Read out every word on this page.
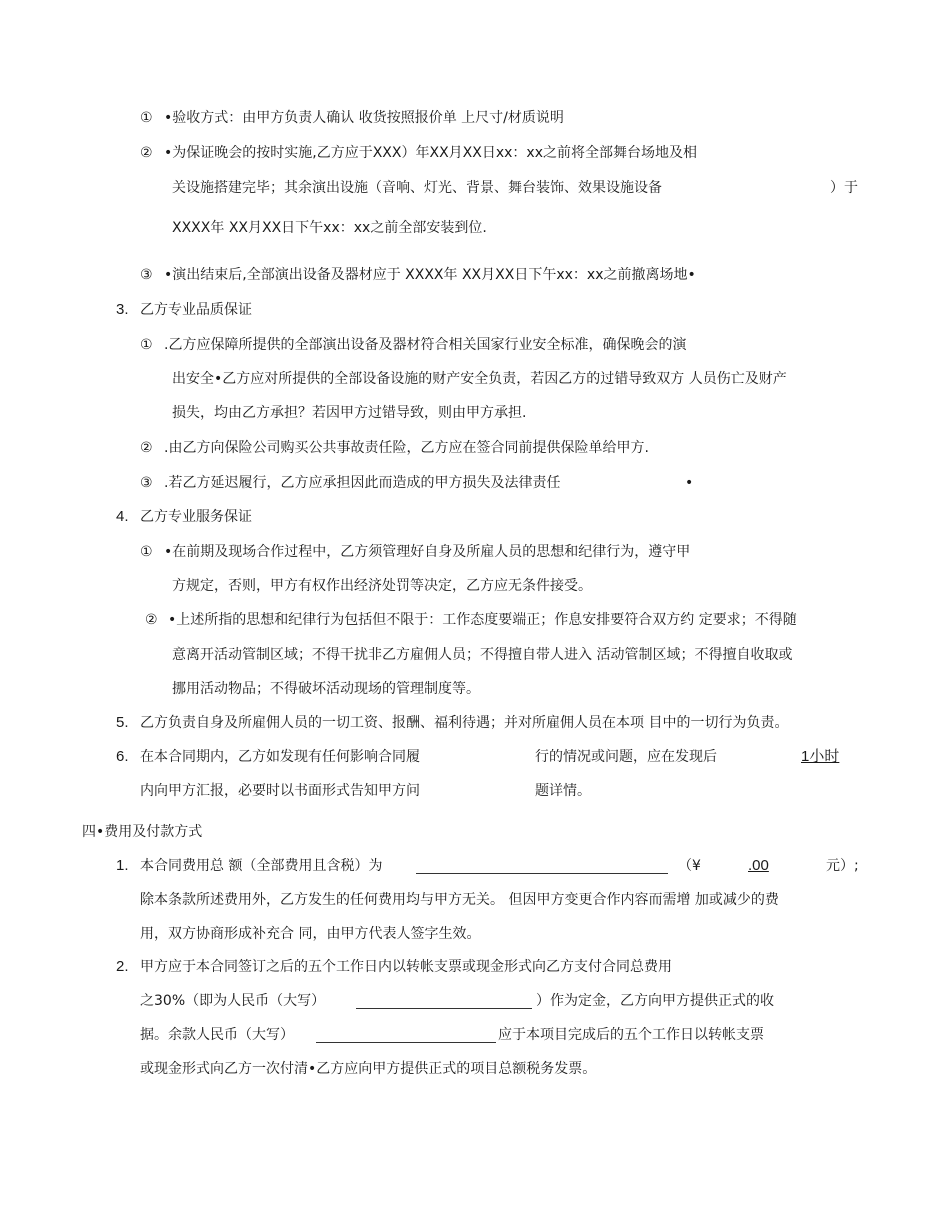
① •验收方式：由甲方负责人确认 收货按照报价单 上尺寸/材质说明
② •为保证晚会的按时实施,乙方应于XXX）年XX月XX日xx：xx之前将全部舞台场地及相
关设施搭建完毕；其余演出设施（音响、灯光、背景、舞台装饰、效果设施设备	）于
XXXX年 XX月XX日下午xx：xx之前全部安装到位.
③ •演出结束后,全部演出设备及器材应于 XXXX年 XX月XX日下午xx：xx之前撤离场地•
3. 乙方专业品质保证
① .乙方应保障所提供的全部演出设备及器材符合相关国家行业安全标准，确保晚会的演
出安全•乙方应对所提供的全部设备设施的财产安全负责，若因乙方的过错导致双方 人员伤亡及财产
损失，均由乙方承担？若因甲方过错导致，则由甲方承担.
② .由乙方向保险公司购买公共事故责任险，乙方应在签合同前提供保险单给甲方.
③ .若乙方延迟履行，乙方应承担因此而造成的甲方损失及法律责任	•
4. 乙方专业服务保证
① •在前期及现场合作过程中，乙方须管理好自身及所雇人员的思想和纪律行为，遵守甲
方规定，否则，甲方有权作出经济处罚等决定，乙方应无条件接受。
② •上述所指的思想和纪律行为包括但不限于：工作态度要端正；作息安排要符合双方约 定要求；不得随
意离开活动管制区域；不得干扰非乙方雇佣人员；不得擅自带人进入 活动管制区域；不得擅自收取或
挪用活动物品；不得破坏活动现场的管理制度等。
5. 乙方负责自身及所雇佣人员的一切工资、报酬、福利待遇；并对所雇佣人员在本项 目中的一切行为负责。
6. 在本合同期内，乙方如发现有任何影响合同履	行的情况或问题，应在发现后	1小时
内向甲方汇报，必要时以书面形式告知甲方问	题详情。
四•费用及付款方式
1. 本合同费用总 额（全部费用且含税）为	（¥	.00	元）;
除本条款所述费用外，乙方发生的任何费用均与甲方无关。 但因甲方变更合作内容而需增 加或减少的费
用，双方协商形成补充合 同，由甲方代表人签字生效。
2. 甲方应于本合同签订之后的五个工作日内以转帐支票或现金形式向乙方支付合同总费用
之30%（即为人民币（大写）	）作为定金，乙方向甲方提供正式的收
据。余款人民币（大写）	应于本项目完成后的五个工作日以转帐支票
或现金形式向乙方一次付清•乙方应向甲方提供正式的项目总额税务发票。
